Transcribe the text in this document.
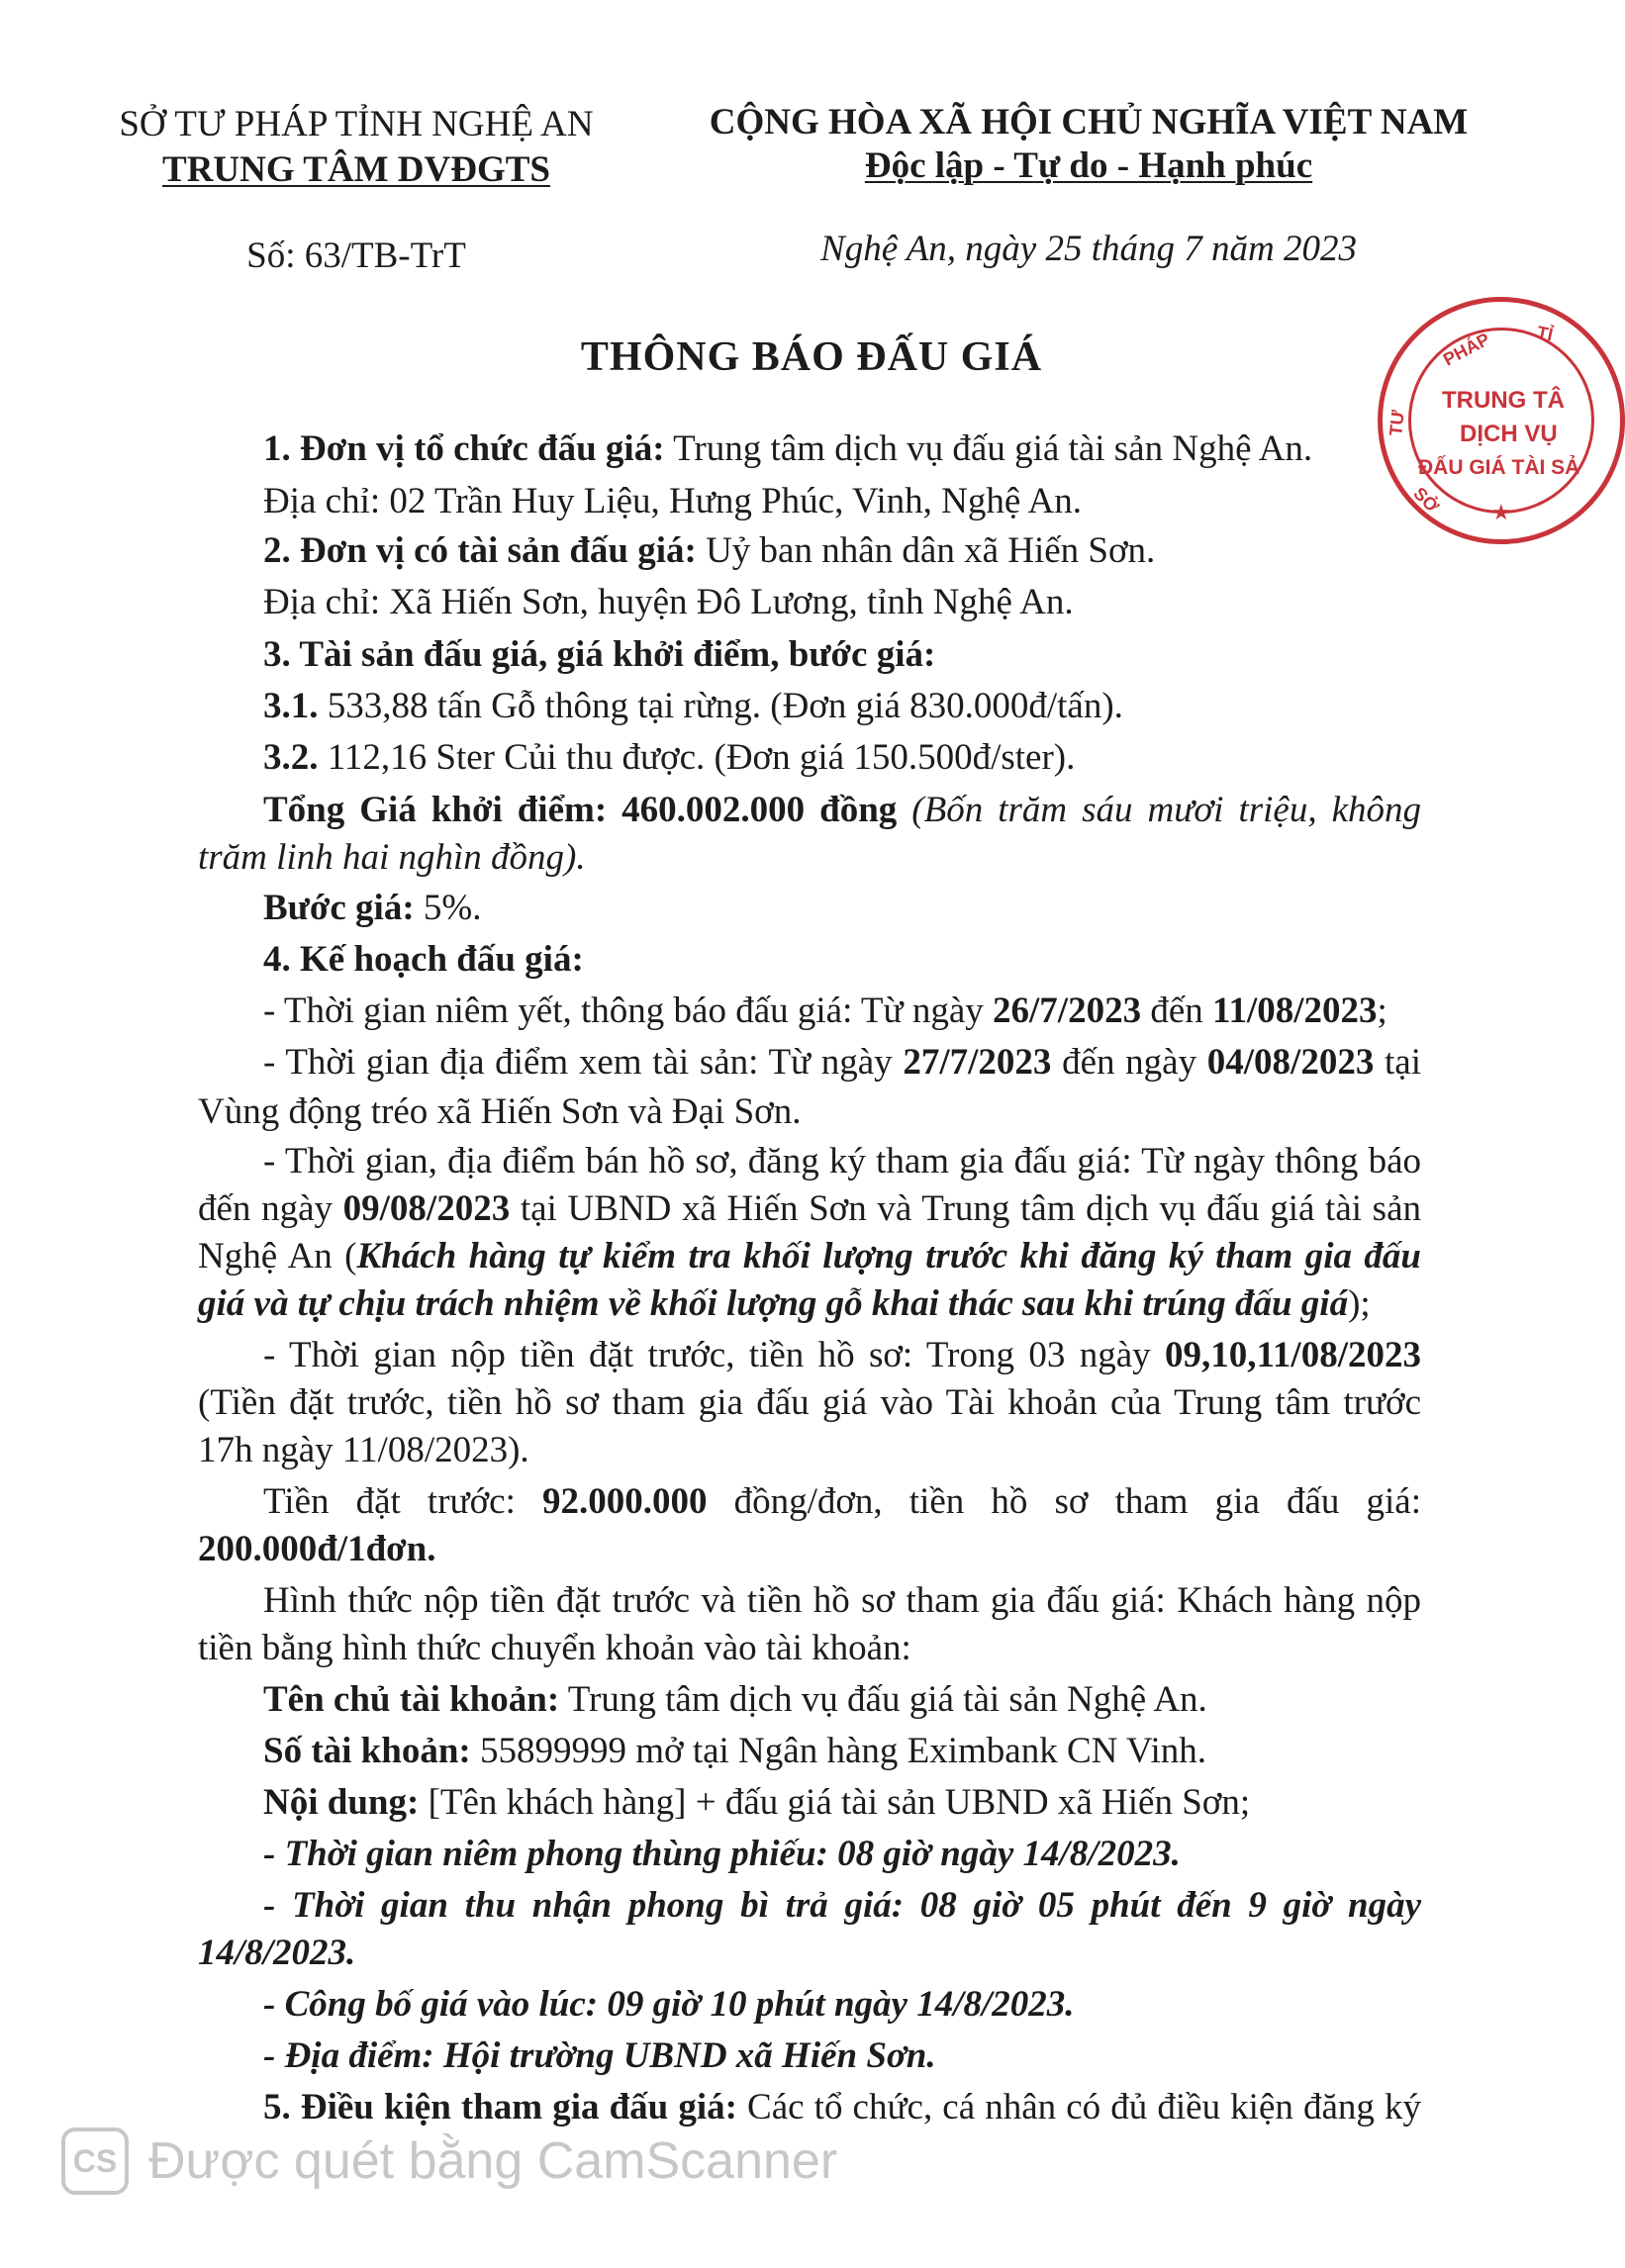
SỞ TƯ PHÁP TỈNH NGHỆ AN
TRUNG TÂM DVĐGTS
CỘNG HÒA XÃ HỘI CHỦ NGHĨA VIỆT NAM
Độc lập - Tự do - Hạnh phúc
Số: 63/TB-TrT	Nghệ An, ngày 25 tháng 7 năm 2023
THÔNG BÁO ĐẤU GIÁ	PHÁP TỈ
TƯ
SỞ
TRUNG TÂ
DỊCH VỤ
ĐẤU GIÁ TÀI SẢ
★
1. Đơn vị tổ chức đấu giá: Trung tâm dịch vụ đấu giá tài sản Nghệ An.
Địa chỉ: 02 Trần Huy Liệu, Hưng Phúc, Vinh, Nghệ An.
2. Đơn vị có tài sản đấu giá: Uỷ ban nhân dân xã Hiến Sơn.
Địa chỉ: Xã Hiến Sơn, huyện Đô Lương, tỉnh Nghệ An.
3. Tài sản đấu giá, giá khởi điểm, bước giá:
3.1. 533,88 tấn Gỗ thông tại rừng. (Đơn giá 830.000đ/tấn).
3.2. 112,16 Ster Củi thu được. (Đơn giá 150.500đ/ster).
Tổng Giá khởi điểm: 460.002.000 đồng (Bốn trăm sáu mươi triệu, không
trăm linh hai nghìn đồng).
Bước giá: 5%.
4. Kế hoạch đấu giá:
- Thời gian niêm yết, thông báo đấu giá: Từ ngày 26/7/2023 đến 11/08/2023;
- Thời gian địa điểm xem tài sản: Từ ngày 27/7/2023 đến ngày 04/08/2023 tại
Vùng động tréo xã Hiến Sơn và Đại Sơn.
- Thời gian, địa điểm bán hồ sơ, đăng ký tham gia đấu giá: Từ ngày thông báo
đến ngày 09/08/2023 tại UBND xã Hiến Sơn và Trung tâm dịch vụ đấu giá tài sản
Nghệ An (Khách hàng tự kiểm tra khối lượng trước khi đăng ký tham gia đấu
giá và tự chịu trách nhiệm về khối lượng gỗ khai thác sau khi trúng đấu giá);
- Thời gian nộp tiền đặt trước, tiền hồ sơ: Trong 03 ngày 09,10,11/08/2023
(Tiền đặt trước, tiền hồ sơ tham gia đấu giá vào Tài khoản của Trung tâm trước
17h ngày 11/08/2023).
Tiền đặt trước: 92.000.000 đồng/đơn, tiền hồ sơ tham gia đấu giá:
200.000đ/1đơn.
Hình thức nộp tiền đặt trước và tiền hồ sơ tham gia đấu giá: Khách hàng nộp
tiền bằng hình thức chuyển khoản vào tài khoản:
Tên chủ tài khoản: Trung tâm dịch vụ đấu giá tài sản Nghệ An.
Số tài khoản: 55899999 mở tại Ngân hàng Eximbank CN Vinh.
Nội dung: [Tên khách hàng] + đấu giá tài sản UBND xã Hiến Sơn;
- Thời gian niêm phong thùng phiếu: 08 giờ ngày 14/8/2023.
- Thời gian thu nhận phong bì trả giá: 08 giờ 05 phút đến 9 giờ ngày
14/8/2023.
- Công bố giá vào lúc: 09 giờ 10 phút ngày 14/8/2023.
- Địa điểm: Hội trường UBND xã Hiến Sơn.
5. Điều kiện tham gia đấu giá: Các tổ chức, cá nhân có đủ điều kiện đăng ký
CS Được quét bằng CamScanner
